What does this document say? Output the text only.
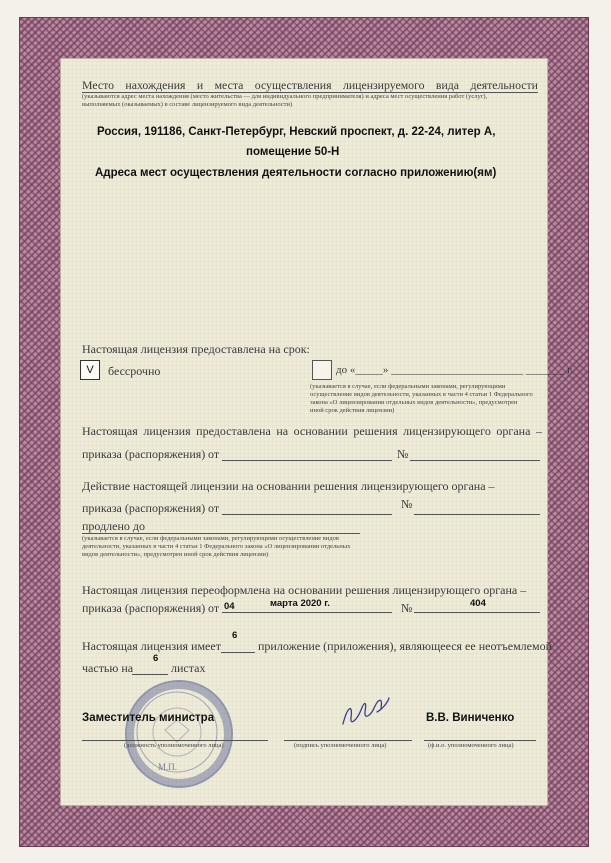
Место нахождения и места осуществления лицензируемого вида деятельности
(указываются адрес места нахождения (место жительства — для индивидуального предпринимателя) и адреса мест осуществления работ (услуг),
выполняемых (оказываемых) в составе лицензируемого вида деятельности)
Россия, 191186, Санкт-Петербург, Невский проспект, д. 22-24, литер А,
помещение 50-Н
Адреса мест осуществления деятельности согласно приложению(ям)
Настоящая лицензия предоставлена на срок:
V	бессрочно	до «_____» ________________________ _______ г.
(указывается в случае, если федеральными законами, регулирующими
осуществление видов деятельности, указанных в части 4 статьи 1 Федерального
закона «О лицензировании отдельных видов деятельности», предусмотрен
иной срок действия лицензии)
Настоящая лицензия предоставлена на основании решения лицензирующего органа –
приказа (распоряжения) от	№
Действие настоящей лицензии на основании решения лицензирующего органа –
приказа (распоряжения) от	№
продлено до
(указывается в случае, если федеральными законами, регулирующими осуществление видов
деятельности, указанных в части 4 статьи 1 Федерального закона «О лицензировании отдельных
видов деятельности», предусмотрен иной срок действия лицензии)
Настоящая лицензия переоформлена на основании решения лицензирующего органа –
приказа (распоряжения) от 04	марта 2020 г.	№	404
Настоящая лицензия имеет
6
приложение (приложения), являющееся ее неотъемлемой
частью на
6
листах
М.П.
Заместитель министра
(должность уполномоченного лица)	(подпись уполномоченного лица)
В.В. Виниченко
(ф.и.о. уполномоченного лица)
